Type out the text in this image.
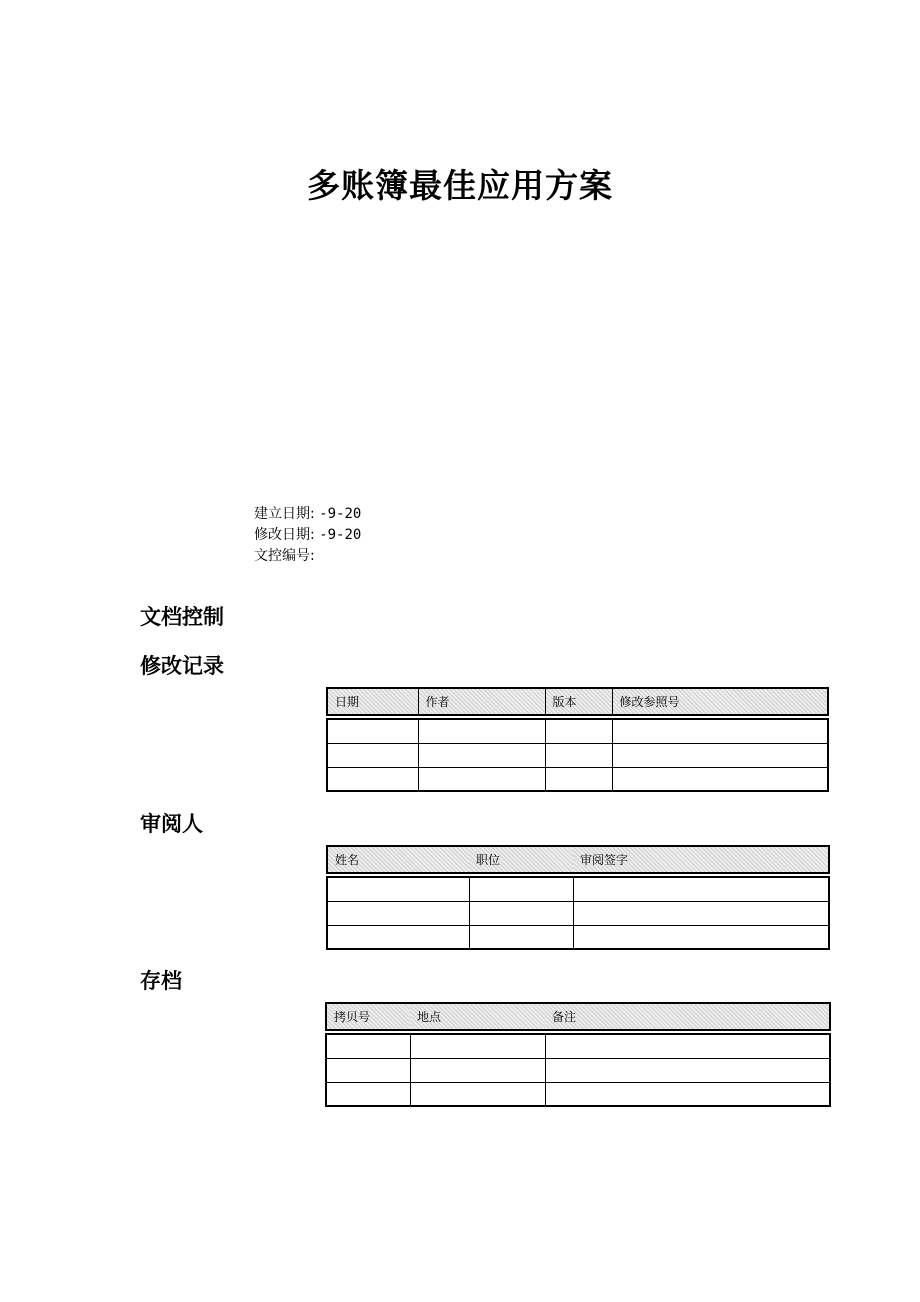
多账簿最佳应用方案
建立日期: -9-20
修改日期: -9-20
文控编号:
文档控制
修改记录
日期	作者	版本	修改参照号

审阅人
姓名	职位	审阅签字

存档
拷贝号	地点	备注
